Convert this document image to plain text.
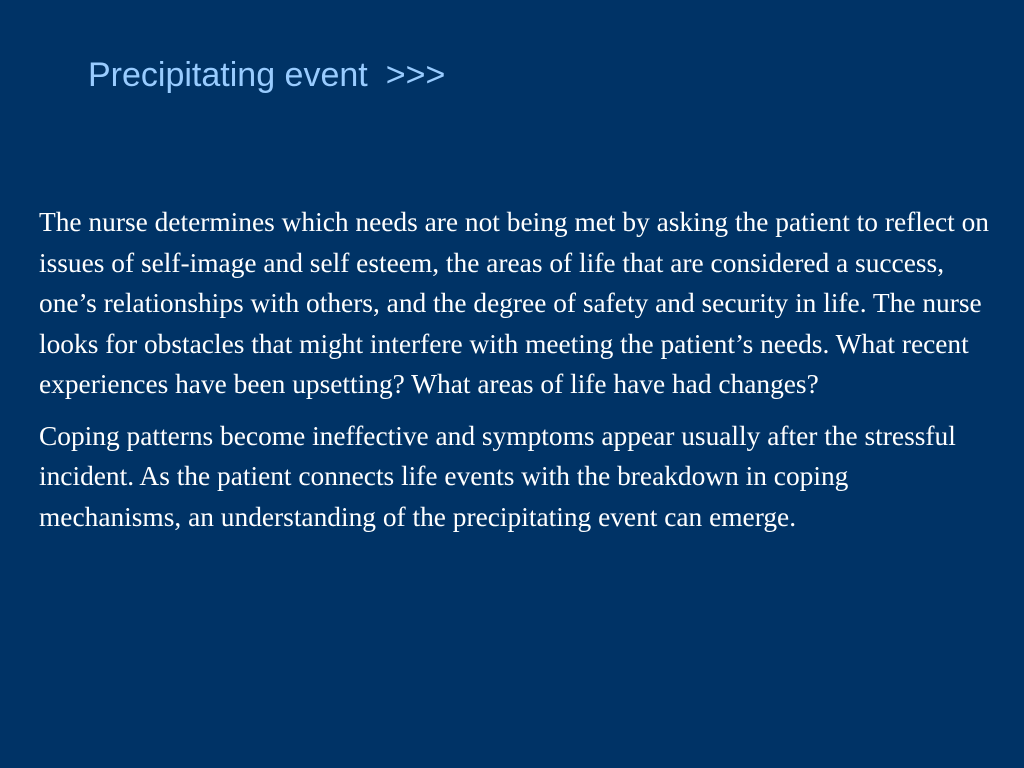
Precipitating event >>>

The nurse determines which needs are not being met by asking the patient to reflect on issues of self-image and self esteem, the areas of life that are considered a success, one’s relationships with others, and the degree of safety and security in life. The nurse looks for obstacles that might interfere with meeting the patient’s needs. What recent experiences have been upsetting? What areas of life have had changes?

Coping patterns become ineffective and symptoms appear usually after the stressful incident. As the patient connects life events with the breakdown in coping mechanisms, an understanding of the precipitating event can emerge.
